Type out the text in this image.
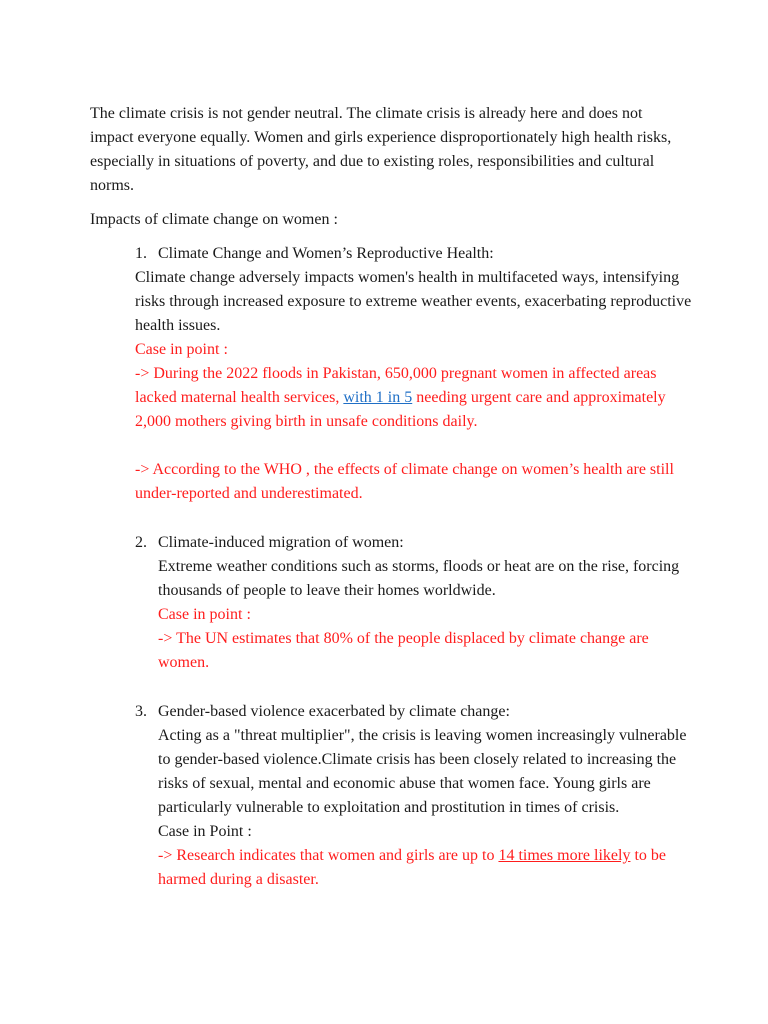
The climate crisis is not gender neutral. The climate crisis is already here and does not impact everyone equally. Women and girls experience disproportionately high health risks, especially in situations of poverty, and due to existing roles, responsibilities and cultural norms.

Impacts of climate change on women :

1. Climate Change and Women’s Reproductive Health:

Climate change adversely impacts women's health in multifaceted ways, intensifying risks through increased exposure to extreme weather events, exacerbating reproductive health issues.

Case in point :

-> During the 2022 floods in Pakistan, 650,000 pregnant women in affected areas lacked maternal health services, with 1 in 5 needing urgent care and approximately 2,000 mothers giving birth in unsafe conditions daily.

-> According to the WHO , the effects of climate change on women’s health are still under-reported and underestimated.

2. Climate-induced migration of women:

Extreme weather conditions such as storms, floods or heat are on the rise, forcing thousands of people to leave their homes worldwide.

Case in point :

-> The UN estimates that 80% of the people displaced by climate change are women.

3. Gender-based violence exacerbated by climate change:

Acting as a "threat multiplier", the crisis is leaving women increasingly vulnerable to gender-based violence.Climate crisis has been closely related to increasing the risks of sexual, mental and economic abuse that women face. Young girls are particularly vulnerable to exploitation and prostitution in times of crisis.

Case in Point :

-> Research indicates that women and girls are up to 14 times more likely to be harmed during a disaster.
